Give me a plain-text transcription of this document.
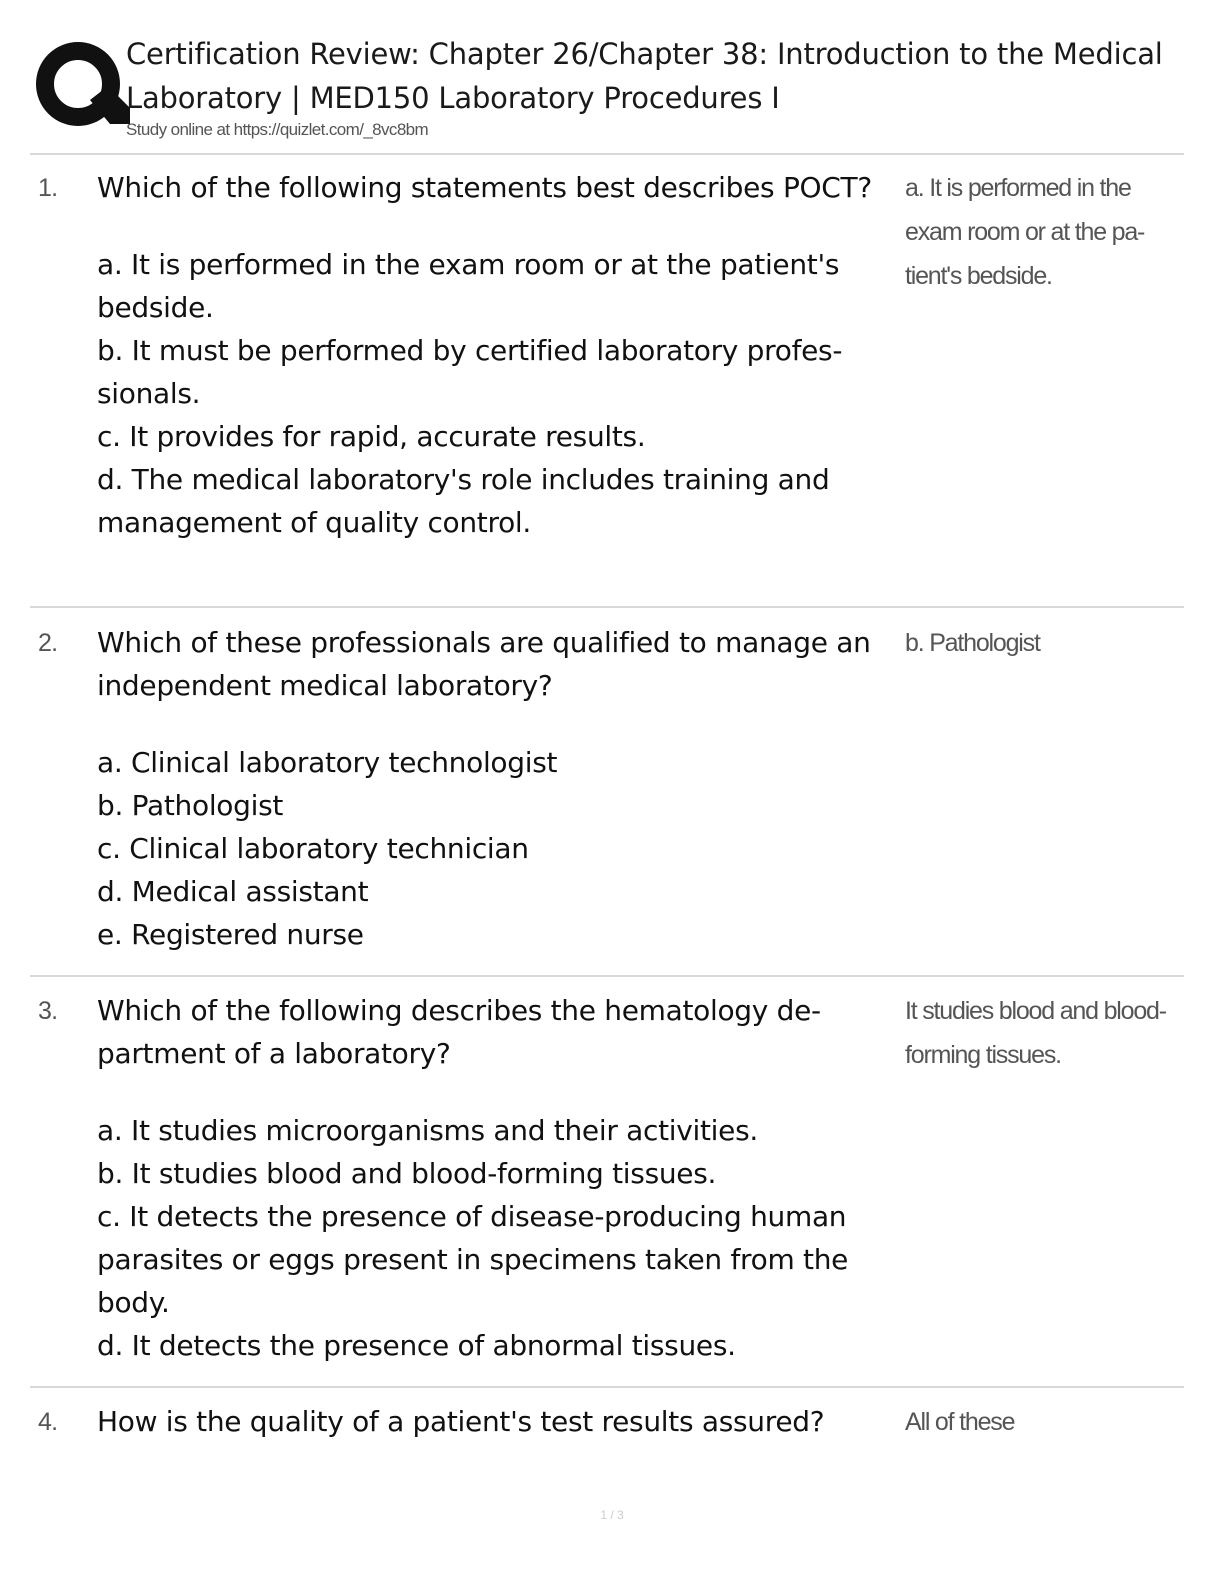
Certification Review: Chapter 26/Chapter 38: Introduction to the Medical
Laboratory | MED150 Laboratory Procedures I
Study online at https://quizlet.com/_8vc8bm
1. Which of the following statements best describes POCT?

a. It is performed in the exam room or at the patient's bedside.
b. It must be performed by certified laboratory profes- sionals.
c. It provides for rapid, accurate results.
d. The medical laboratory's role includes training and management of quality control.
a. It is performed in the exam room or at the pa- tient's bedside.
2. Which of these professionals are qualified to manage an independent medical laboratory?

a. Clinical laboratory technologist
b. Pathologist
c. Clinical laboratory technician
d. Medical assistant
e. Registered nurse
b. Pathologist
3. Which of the following describes the hematology de- partment of a laboratory?

a. It studies microorganisms and their activities.
b. It studies blood and blood-forming tissues.
c. It detects the presence of disease-producing human parasites or eggs present in specimens taken from the body.
d. It detects the presence of abnormal tissues.
It studies blood and blood-forming tissues.
4. How is the quality of a patient's test results assured?	All of these
1 / 3
